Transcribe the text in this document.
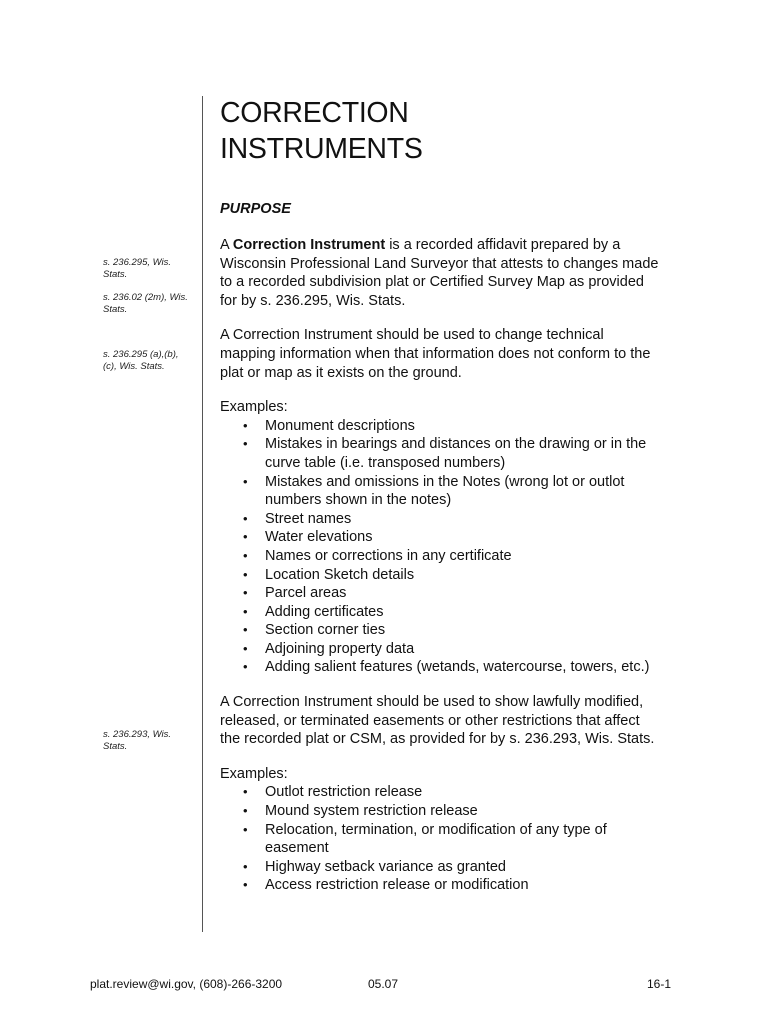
CORRECTION
INSTRUMENTS
PURPOSE
s. 236.295, Wis. Stats.
s. 236.02 (2m), Wis. Stats.
s. 236.295 (a),(b), (c), Wis. Stats.
s. 236.293, Wis. Stats.

A Correction Instrument is a recorded affidavit prepared by a Wisconsin Professional Land Surveyor that attests to changes made to a recorded subdivision plat or Certified Survey Map as provided for by s. 236.295, Wis. Stats.

A Correction Instrument should be used to change technical mapping information when that information does not conform to the plat or map as it exists on the ground.

Examples:

• Monument descriptions
• Mistakes in bearings and distances on the drawing or in the curve table (i.e. transposed numbers)
• Mistakes and omissions in the Notes (wrong lot or outlot numbers shown in the notes)
• Street names
• Water elevations
• Names or corrections in any certificate
• Location Sketch details
• Parcel areas
• Adding certificates
• Section corner ties
• Adjoining property data
• Adding salient features (wetands, watercourse, towers, etc.)

A Correction Instrument should be used to show lawfully modified, released, or terminated easements or other restrictions that affect the recorded plat or CSM, as provided for by s. 236.293, Wis. Stats.

Examples:

• Outlot restriction release
• Mound system restriction release
• Relocation, termination, or modification of any type of easement
• Highway setback variance as granted
• Access restriction release or modification
plat.review@wi.gov, (608)-266-3200	05.07	16-1
